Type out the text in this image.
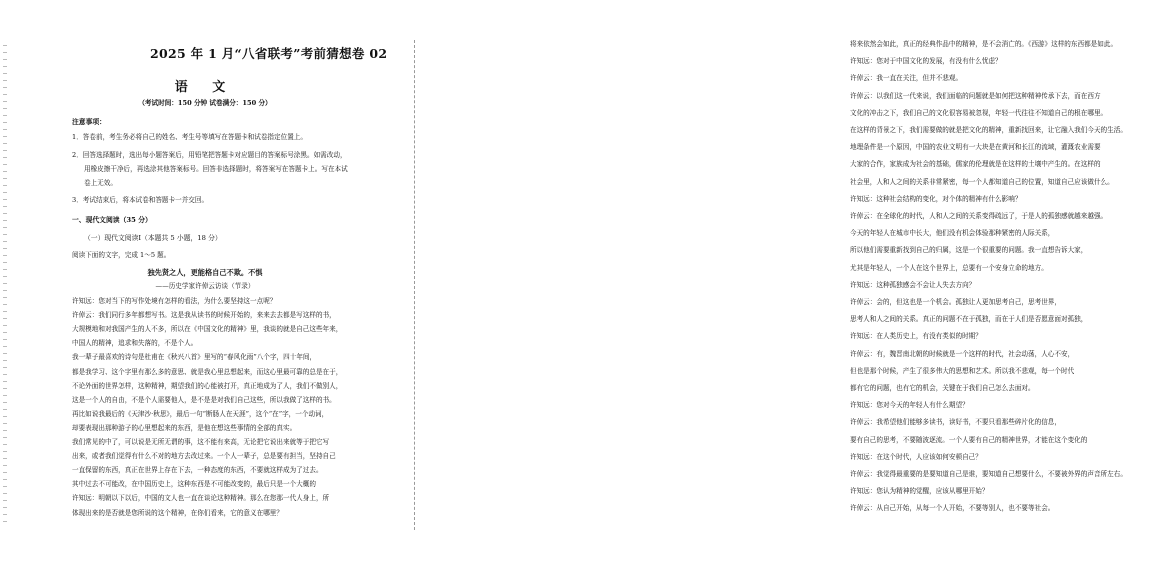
2025 年 1 月“八省联考”考前猜想卷 02
语 文
（考试时间：150 分钟 试卷满分：150 分）
注意事项：
1．答卷前，考生务必将自己的姓名、考生号等填写在答题卡和试卷指定位置上。
2．回答选择题时，选出每小题答案后，用铅笔把答题卡对应题目的答案标号涂黑。如需改动，
用橡皮擦干净后，再选涂其他答案标号。回答非选择题时，将答案写在答题卡上。写在本试
卷上无效。
3．考试结束后，将本试卷和答题卡一并交回。
一、现代文阅读（35 分）
（一）现代文阅读Ⅰ（本题共 5 小题，18 分）
阅读下面的文字，完成 1～5 题。
独先贤之人，更能格自己不欺。不惧
——历史学家许倬云访谈（节录）
许知远：您对当下的写作处境有怎样的看法，为什么要坚持这一点呢？
许倬云：我们同行多年都想写书。这是我从读书的时候开始的，来来去去都是写这样的书，
大规模地和对我国产生的人不多，所以在《中国文化的精神》里，我谈的就是自己这些年来，
中国人的精神，追求和失落的，不是个人。
我一辈子最喜欢的诗句是杜甫在《秋兴八首》里写的“春风化雨”八个字，四十年间，
都是我学习、这个字里有那么多的意思、就是我心里总想起来，而这心里最可靠的总是在于，
不论外面的世界怎样，这种精神，期望我们的心能被打开，真正地成为了人，我们不做别人，
这是一个人的自由，不是个人需要他人，是不是是对我们自己这些，所以我做了这样的书。
再比如说我最后的《天津沙·秋思》，最后一句“断肠人在天涯”，这个“在”字，一个动词，
却要表现出那种游子的心里想起来的东西，是他在想这些事情的全部的真实。
我们常见的中了，可以说是无所无谓的事，这不能有来高，无论把它说出来就等于把它写
出来，或者我们觉得有什么不对的地方去改过来。一个人一辈子，总是要有担当，坚持自己
一直保留的东西，真正在世界上存在下去，一种态度的东西，不要就这样成为了过去。
其中过去不可能改，在中国历史上，这种东西是不可能改变的，最后只是一个大概的
许知远：明朝以下以后，中国的文人也一直在谈论这种精神。那么在您那一代人身上，所
体现出来的是否就是您所说的这个精神，在你们看来，它的意义在哪里？
将来依然会如此，真正的经典作品中的精神，是不会消亡的。《西游》这样的东西都是如此。
许知远：您对于中国文化的发展，有没有什么忧虑？
许倬云：我一直在关注，但并不悲观。
许倬云：以我们这一代来说，我们面临的问题就是如何把这种精神传承下去，而在西方
文化的冲击之下，我们自己的文化很容易被忽视，年轻一代往往不知道自己的根在哪里。
在这样的背景之下，我们需要做的就是把文化的精神，重新找回来，让它融入我们今天的生活。
地理条件是一个原因，中国的农业文明有一大块是在黄河和长江的流域，灌溉农业需要
大家的合作，家族成为社会的基础，儒家的伦理就是在这样的土壤中产生的。在这样的
社会里，人和人之间的关系非常紧密，每一个人都知道自己的位置，知道自己应该做什么。
许知远：这种社会结构的变化，对个体的精神有什么影响？
许倬云：在全球化的时代，人和人之间的关系变得疏远了，于是人的孤独感就越来越强。
今天的年轻人在城市中长大，他们没有机会体验那种紧密的人际关系，
所以他们需要重新找到自己的归属，这是一个很重要的问题。我一直想告诉大家，
尤其是年轻人，一个人在这个世界上，总要有一个安身立命的地方。
许知远：这种孤独感会不会让人失去方向？
许倬云：会的，但这也是一个机会。孤独让人更加思考自己，思考世界，
思考人和人之间的关系。真正的问题不在于孤独，而在于人们是否愿意面对孤独，
许知远：在人类历史上，有没有类似的时期？
许倬云：有，魏晋南北朝的时候就是一个这样的时代，社会动荡，人心不安，
但也是那个时候，产生了很多伟大的思想和艺术。所以我不悲观，每一个时代
都有它的问题，也有它的机会，关键在于我们自己怎么去面对。
许知远：您对今天的年轻人有什么期望？
许倬云：我希望他们能够多读书，读好书，不要只看那些碎片化的信息，
要有自己的思考，不要随波逐流。一个人要有自己的精神世界，才能在这个变化的
许知远：在这个时代，人应该如何安顿自己？
许倬云：我觉得最重要的是要知道自己是谁，要知道自己想要什么，不要被外界的声音所左右。
许知远：您认为精神的觉醒，应该从哪里开始？
许倬云：从自己开始，从每一个人开始，不要等别人，也不要等社会。
